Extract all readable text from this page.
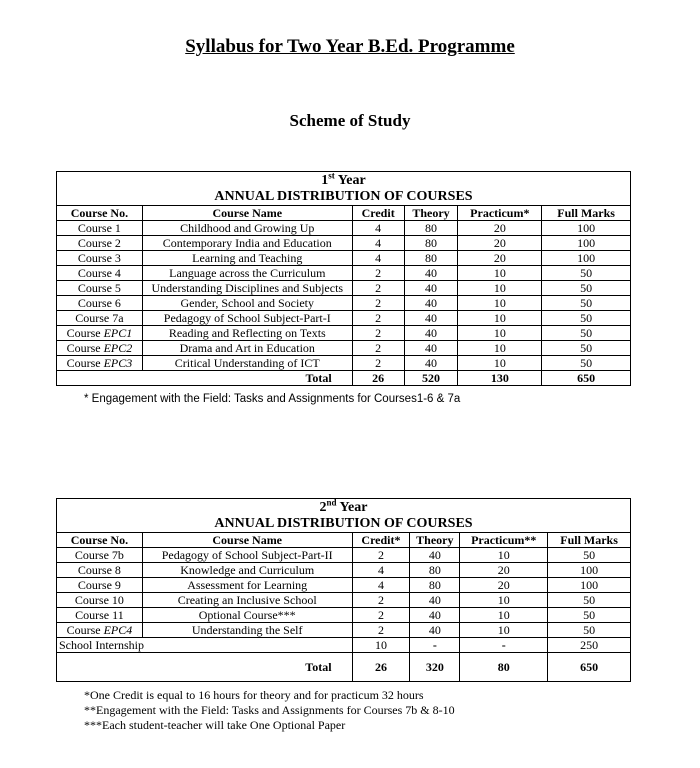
Syllabus for Two Year B.Ed. Programme
Scheme of Study
1st Year					
ANNUAL DISTRIBUTION OF COURSES					
Course No.	Course Name	Credit	Theory	Practicum*	Full Marks
Course 1	Childhood and Growing Up	4	80	20	100
Course 2	Contemporary India and Education	4	80	20	100
Course 3	Learning and Teaching	4	80	20	100
Course 4	Language across the Curriculum	2	40	10	50
Course 5	Understanding Disciplines and Subjects	2	40	10	50
Course 6	Gender, School and Society	2	40	10	50
Course 7a	Pedagogy of School Subject-Part-I	2	40	10	50
Course EPC1	Reading and Reflecting on Texts	2	40	10	50
Course EPC2	Drama and Art in Education	2	40	10	50
Course EPC3	Critical Understanding of ICT	2	40	10	50
Total		26	520	130	650
* Engagement with the Field: Tasks and Assignments for Courses1-6 & 7a
2nd Year					
ANNUAL DISTRIBUTION OF COURSES					
Course No.	Course Name	Credit*	Theory	Practicum**	Full Marks
Course 7b	Pedagogy of School Subject-Part-II	2	40	10	50
Course 8	Knowledge and Curriculum	4	80	20	100
Course 9	Assessment for Learning	4	80	20	100
Course 10	Creating an Inclusive School	2	40	10	50
Course 11	Optional Course***	2	40	10	50
Course EPC4	Understanding the Self	2	40	10	50
School Internship		10	-	-	250
Total		26	320	80	650
*One Credit is equal to 16 hours for theory and for practicum 32 hours
**Engagement with the Field: Tasks and Assignments for Courses 7b & 8-10
***Each student-teacher will take One Optional Paper
